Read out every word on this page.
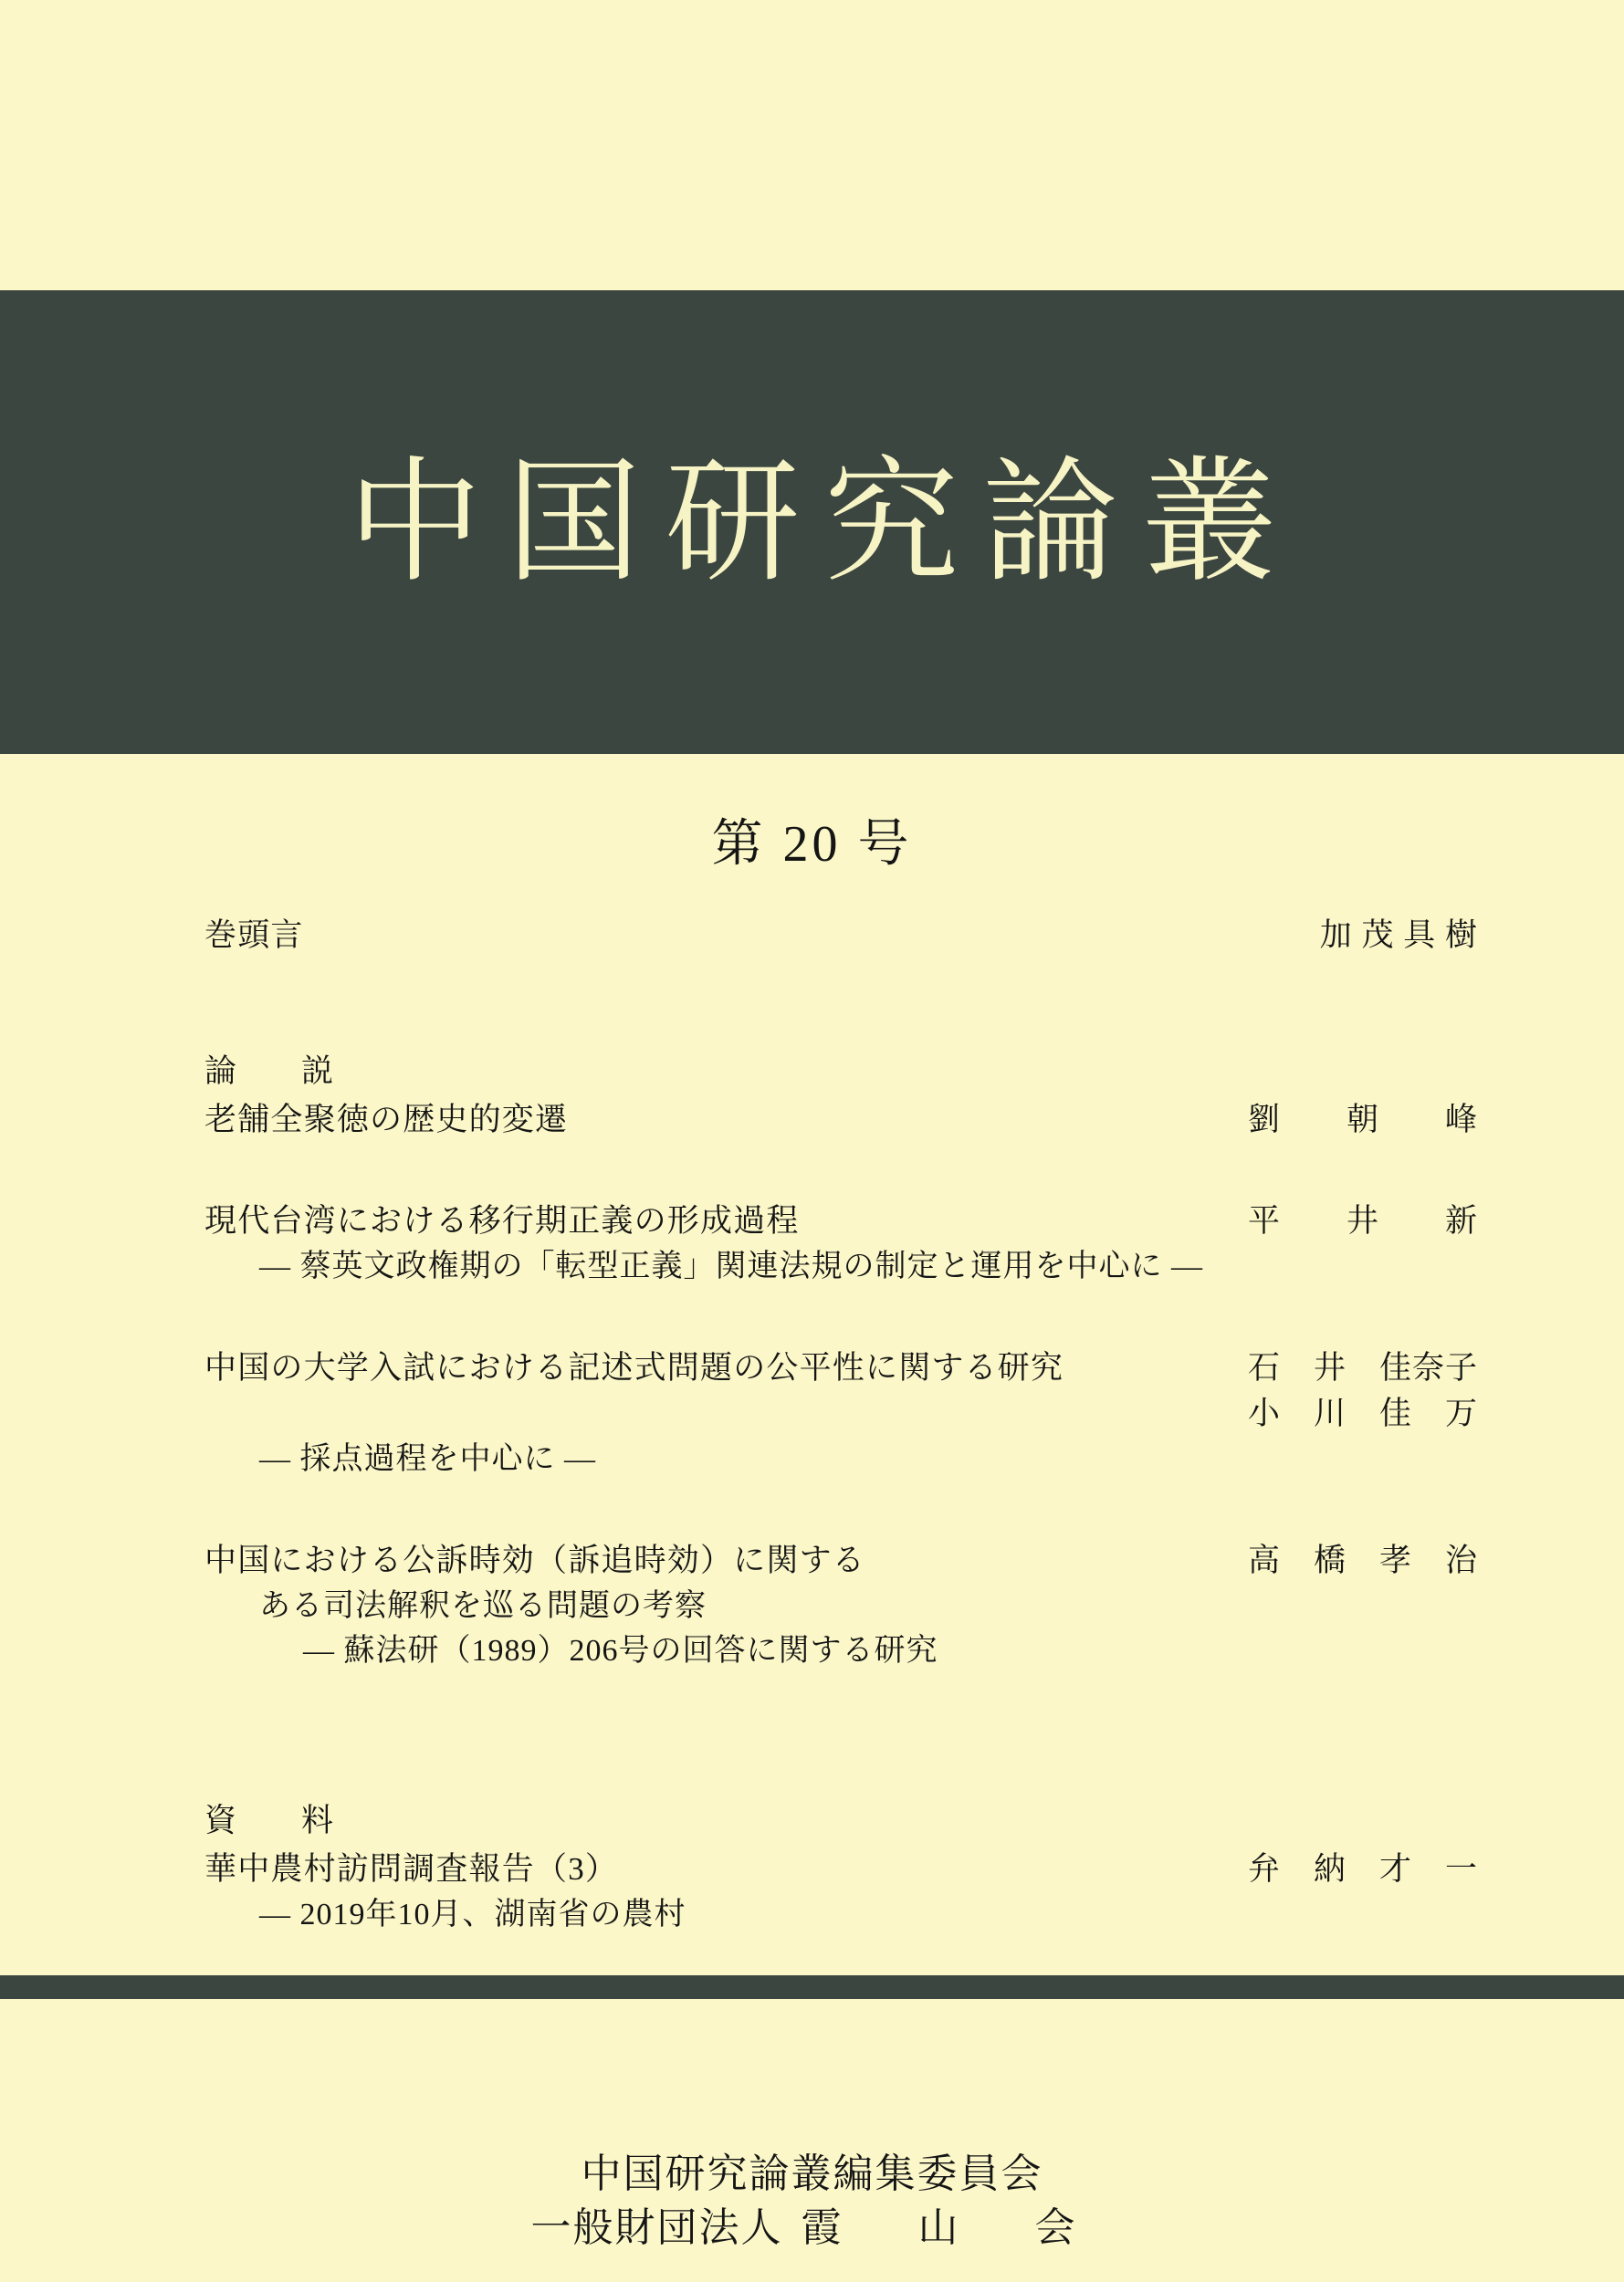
中国研究論叢
第 20 号
巻頭言	加 茂 具 樹
論　説
老舗全聚徳の歴史的変遷	劉　　朝　　峰
現代台湾における移行期正義の形成過程	平　　井　　新
― 蔡英文政権期の「転型正義」関連法規の制定と運用を中心に ―
中国の大学入試における記述式問題の公平性に関する研究	石　井　佳奈子
小　川　佳　万
― 採点過程を中心に ―
中国における公訴時効（訴追時効）に関する	高　橋　孝　治
ある司法解釈を巡る問題の考察
― 蘇法研（1989）206号の回答に関する研究
資　料
華中農村訪問調査報告（3）	弁　納　才　一
― 2019年10月、湖南省の農村
中国研究論叢編集委員会
一般財団法人 霞　山　会
